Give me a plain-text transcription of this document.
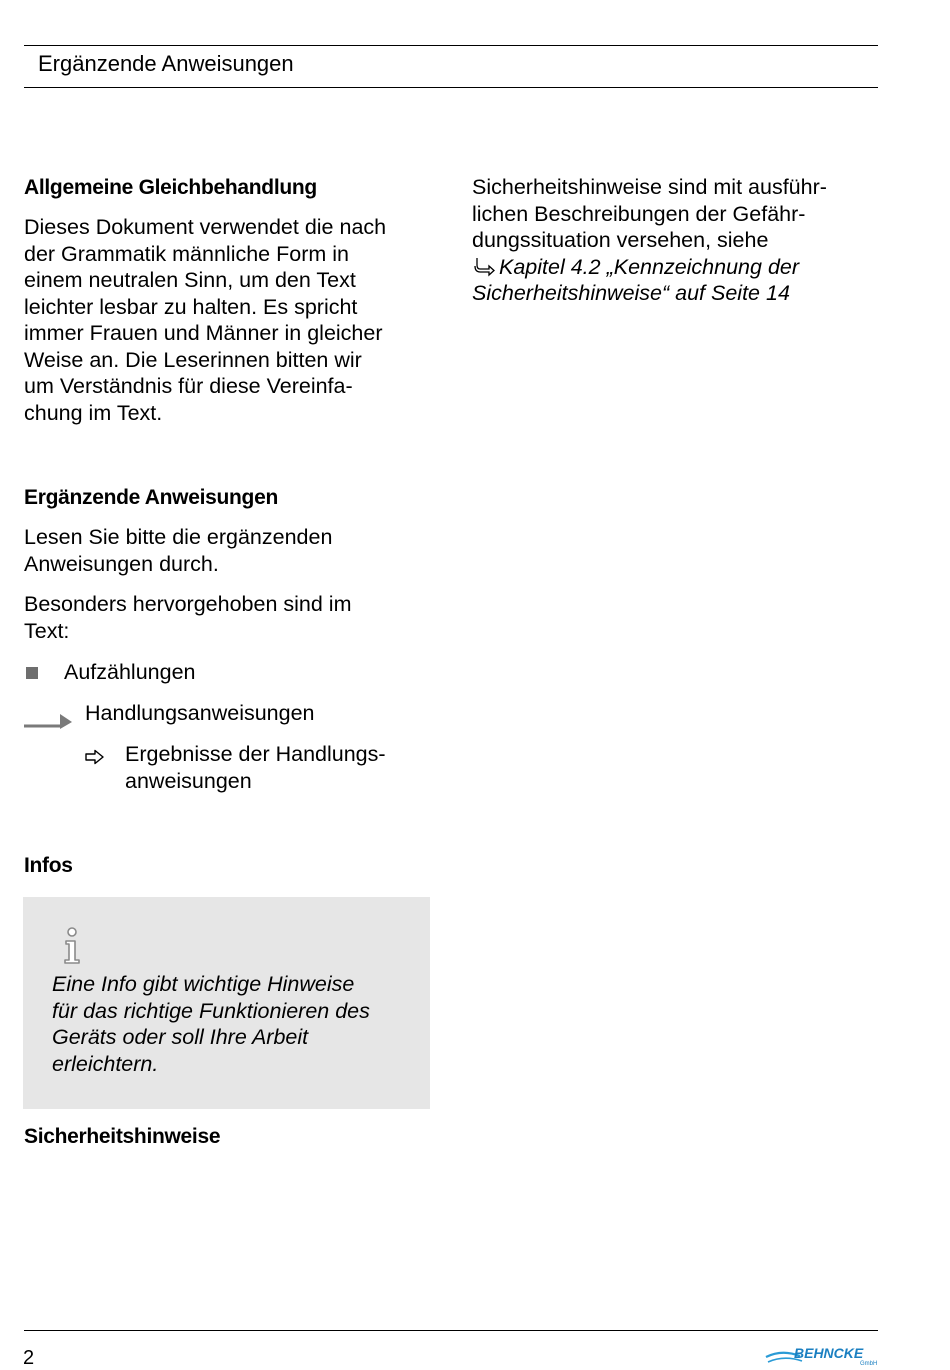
Ergänzende Anweisungen
Allgemeine Gleichbehandlung
Dieses Dokument verwendet die nach
der Grammatik männliche Form in
einem neutralen Sinn, um den Text
leichter lesbar zu halten. Es spricht
immer Frauen und Männer in gleicher
Weise an. Die Leserinnen bitten wir
um Verständnis für diese Vereinfa-
chung im Text.
Ergänzende Anweisungen
Lesen Sie bitte die ergänzenden
Anweisungen durch.
Besonders hervorgehoben sind im
Text:
Aufzählungen
Handlungsanweisungen
Ergebnisse der Handlungs-
anweisungen
Infos
Eine Info gibt wichtige Hinweise
für das richtige Funktionieren des
Geräts oder soll Ihre Arbeit
erleichtern.
Sicherheitshinweise
Sicherheitshinweise sind mit ausführ-
lichen Beschreibungen der Gefähr-
dungssituation versehen, siehe
Kapitel 4.2 „Kennzeichnung der
Sicherheitshinweise“ auf Seite 14
2	BEHNCKE
GmbH
